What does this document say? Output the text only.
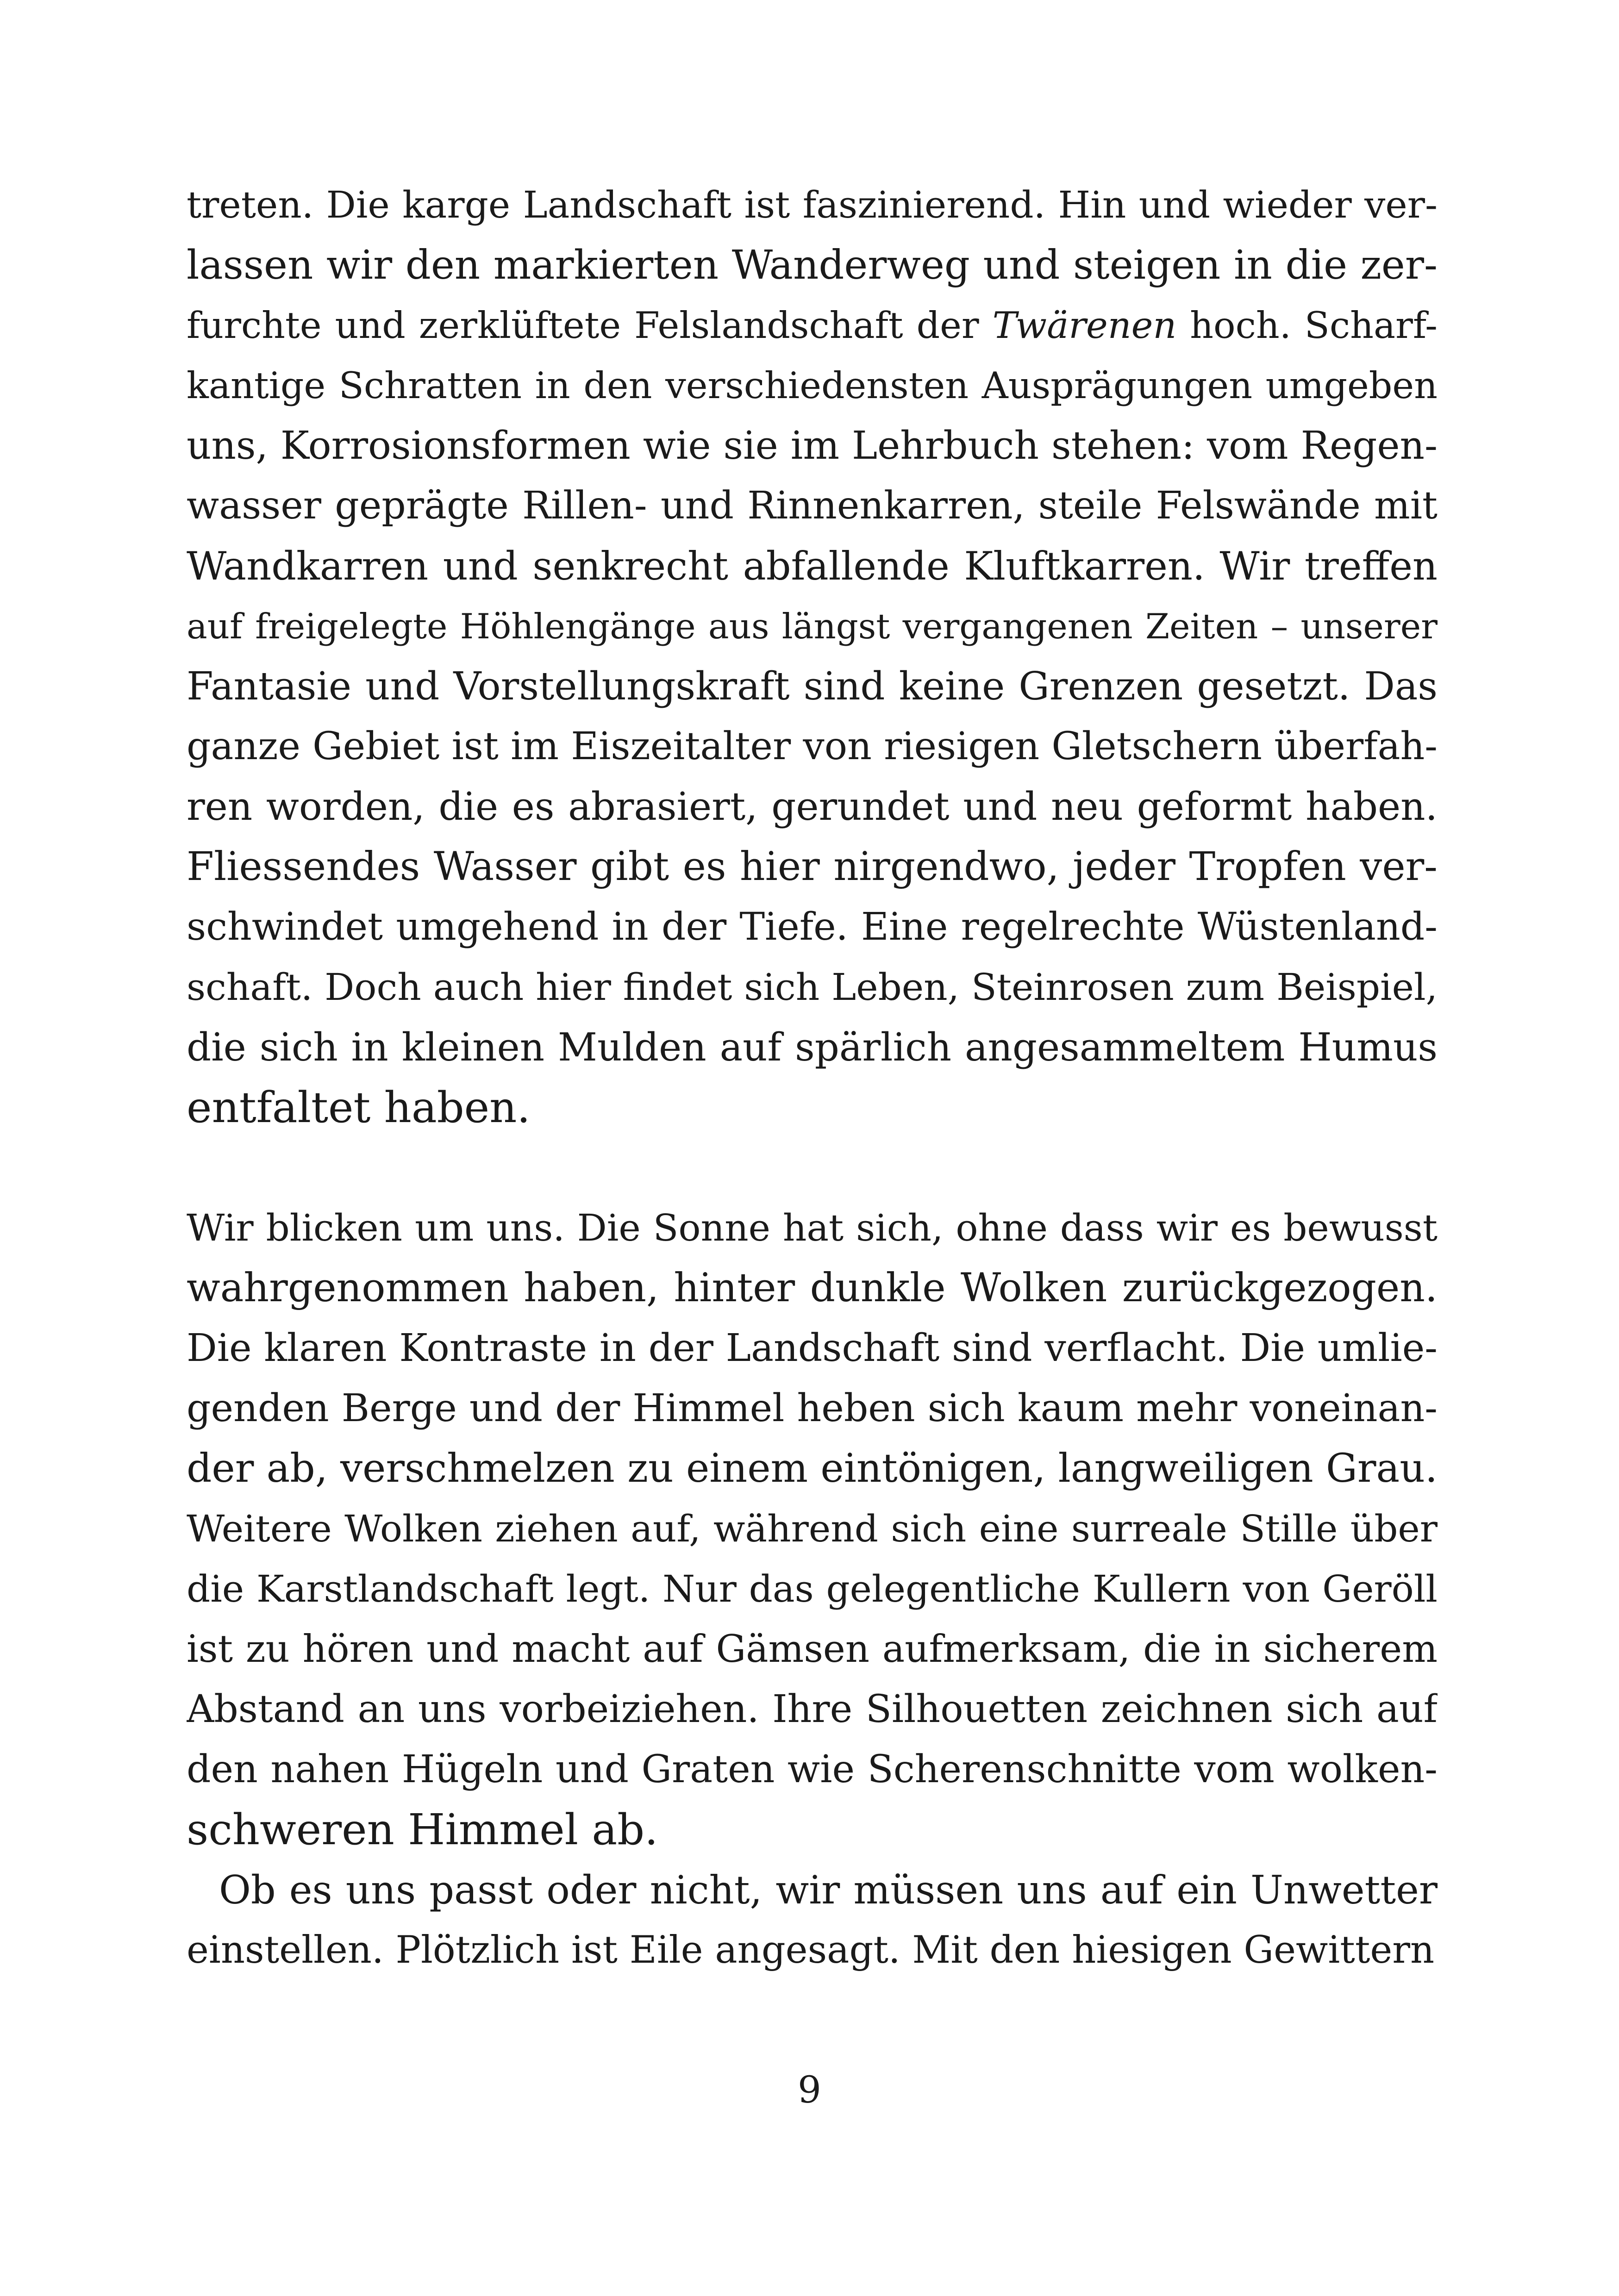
treten. Die karge Landschaft ist faszinierend. Hin und wieder ver-
lassen wir den markierten Wanderweg und steigen in die zer-
furchte und zerklüftete Felslandschaft der Twärenen hoch. Scharf-
kantige Schratten in den verschiedensten Ausprägungen umgeben
uns, Korrosionsformen wie sie im Lehrbuch stehen: vom Regen-
wasser geprägte Rillen- und Rinnenkarren, steile Felswände mit
Wandkarren und senkrecht abfallende Kluftkarren. Wir treffen
auf freigelegte Höhlengänge aus längst vergangenen Zeiten – unserer
Fantasie und Vorstellungskraft sind keine Grenzen gesetzt. Das
ganze Gebiet ist im Eiszeitalter von riesigen Gletschern überfah-
ren worden, die es abrasiert, gerundet und neu geformt haben.
Fliessendes Wasser gibt es hier nirgendwo, jeder Tropfen ver-
schwindet umgehend in der Tiefe. Eine regelrechte Wüstenland-
schaft. Doch auch hier findet sich Leben, Steinrosen zum Beispiel,
die sich in kleinen Mulden auf spärlich angesammeltem Humus
entfaltet haben.
Wir blicken um uns. Die Sonne hat sich, ohne dass wir es bewusst
wahrgenommen haben, hinter dunkle Wolken zurückgezogen.
Die klaren Kontraste in der Landschaft sind verflacht. Die umlie-
genden Berge und der Himmel heben sich kaum mehr voneinan-
der ab, verschmelzen zu einem eintönigen, langweiligen Grau.
Weitere Wolken ziehen auf, während sich eine surreale Stille über
die Karstlandschaft legt. Nur das gelegentliche Kullern von Geröll
ist zu hören und macht auf Gämsen aufmerksam, die in sicherem
Abstand an uns vorbeiziehen. Ihre Silhouetten zeichnen sich auf
den nahen Hügeln und Graten wie Scherenschnitte vom wolken-
schweren Himmel ab.
Ob es uns passt oder nicht, wir müssen uns auf ein Unwetter
einstellen. Plötzlich ist Eile angesagt. Mit den hiesigen Gewittern
9
